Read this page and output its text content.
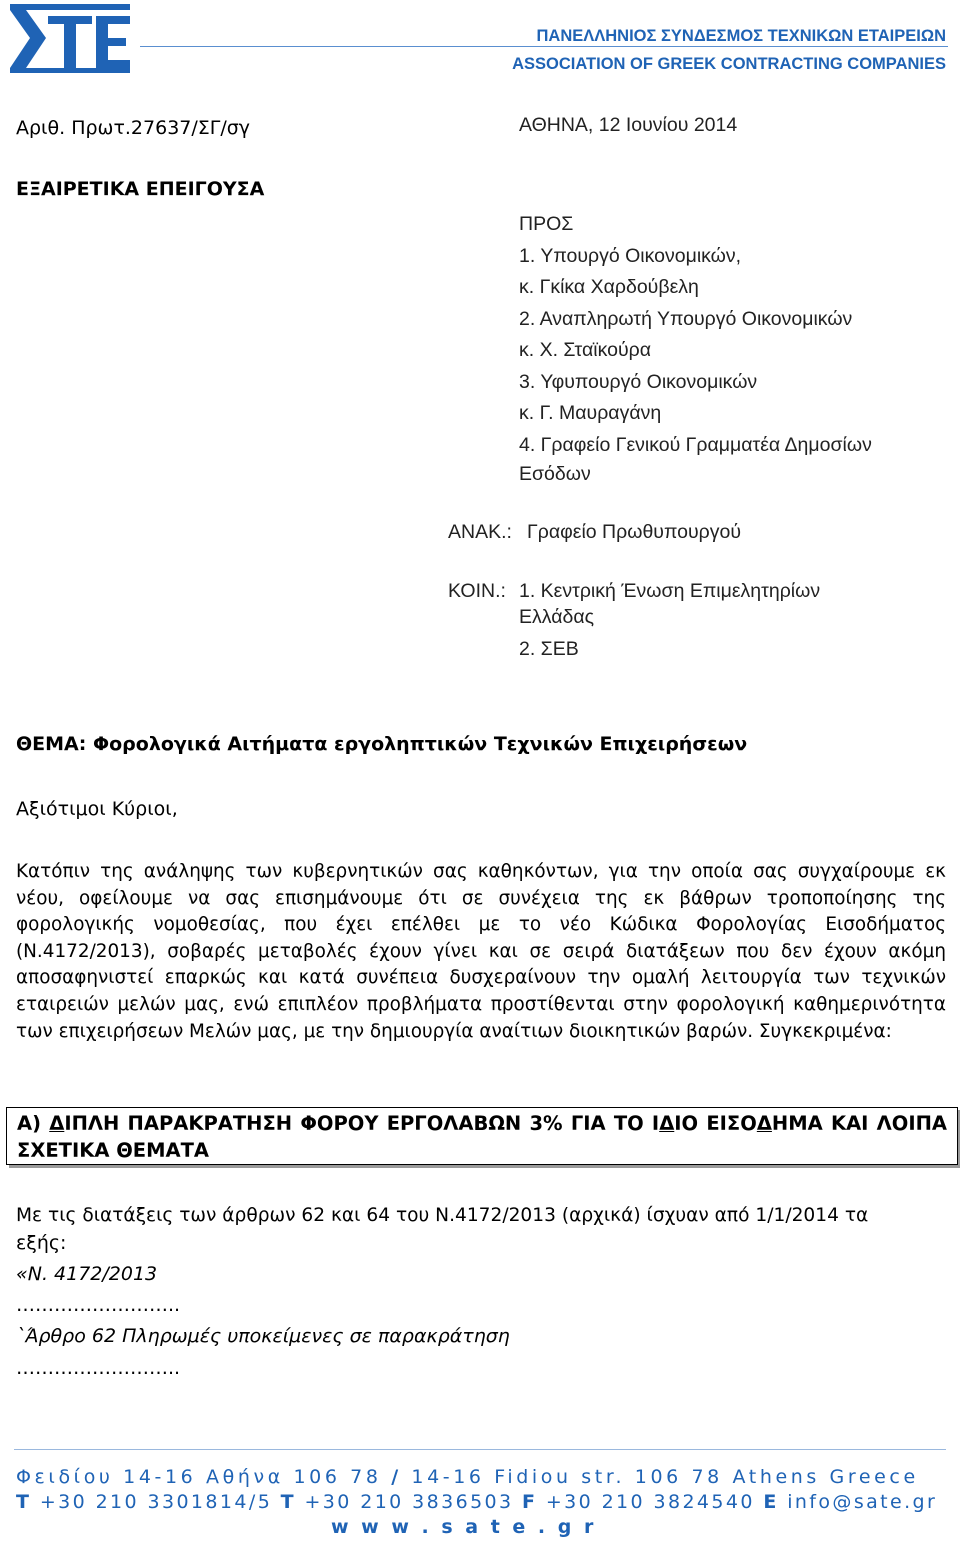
ΠΑΝΕΛΛΗΝΙΟΣ ΣΥΝΔΕΣΜΟΣ ΤΕΧΝΙΚΩΝ ΕΤΑΙΡΕΙΩΝ
ASSOCIATION OF GREEK CONTRACTING COMPANIES
Αριθ. Πρωτ.27637/ΣΓ/σγ	ΑΘΗΝΑ, 12 Ιουνίου 2014
ΕΞΑΙΡΕΤΙΚΑ ΕΠΕΙΓΟΥΣΑ
ΠΡΟΣ
1. Υπουργό Οικονομικών,
κ. Γκίκα Χαρδούβελη
2. Αναπληρωτή Υπουργό Οικονομικών
κ. Χ. Σταϊκούρα
3. Υφυπουργό Οικονομικών
κ. Γ. Μαυραγάνη
4. Γραφείο Γενικού Γραμματέα Δημοσίων
Εσόδων
ΑΝΑΚ.: Γραφείο Πρωθυπουργού
ΚΟΙΝ.: 1. Κεντρική Ένωση Επιμελητηρίων
Ελλάδας
2. ΣΕΒ
ΘΕΜΑ: Φορολογικά Αιτήματα εργοληπτικών Τεχνικών Επιχειρήσεων
Αξιότιμοι Κύριοι,
Κατόπιν της ανάληψης των κυβερνητικών σας καθηκόντων, για την οποία σας συγχαίρουμε εκ νέου, οφείλουμε να σας επισημάνουμε ότι σε συνέχεια της εκ βάθρων τροποποίησης της φορολογικής νομοθεσίας, που έχει επέλθει με το νέο Κώδικα Φορολογίας Εισοδήματος (Ν.4172/2013), σοβαρές μεταβολές έχουν γίνει και σε σειρά διατάξεων που δεν έχουν ακόμη αποσαφηνιστεί επαρκώς και κατά συνέπεια δυσχεραίνουν την ομαλή λειτουργία των τεχνικών εταιρειών μελών μας, ενώ επιπλέον προβλήματα προστίθενται στην φορολογική καθημερινότητα των επιχειρήσεων Μελών μας, με την δημιουργία αναίτιων διοικητικών βαρών. Συγκεκριμένα:
Α) ΔΙΠΛΗ ΠΑΡΑΚΡΑΤΗΣΗ ΦΟΡΟΥ ΕΡΓΟΛΑΒΩΝ 3% ΓΙΑ ΤΟ ΙΔΙΟ ΕΙΣΟΔΗΜΑ ΚΑΙ ΛΟΙΠΑ ΣΧΕΤΙΚΑ ΘΕΜΑΤΑ
Με τις διατάξεις των άρθρων 62 και 64 του Ν.4172/2013 (αρχικά) ίσχυαν από 1/1/2014 τα
εξής:
«Ν. 4172/2013
……………………..
`Άρθρο 62 Πληρωμές υποκείμενες σε παρακράτηση
……………………..
Φειδίου 14-16 Αθήνα 106 78 / 14-16 Fidiou str. 106 78 Athens Greece
T +30 210 3301814/5 T +30 210 3836503 F +30 210 3824540 E info@sate.gr
w w w . s a t e . g r
